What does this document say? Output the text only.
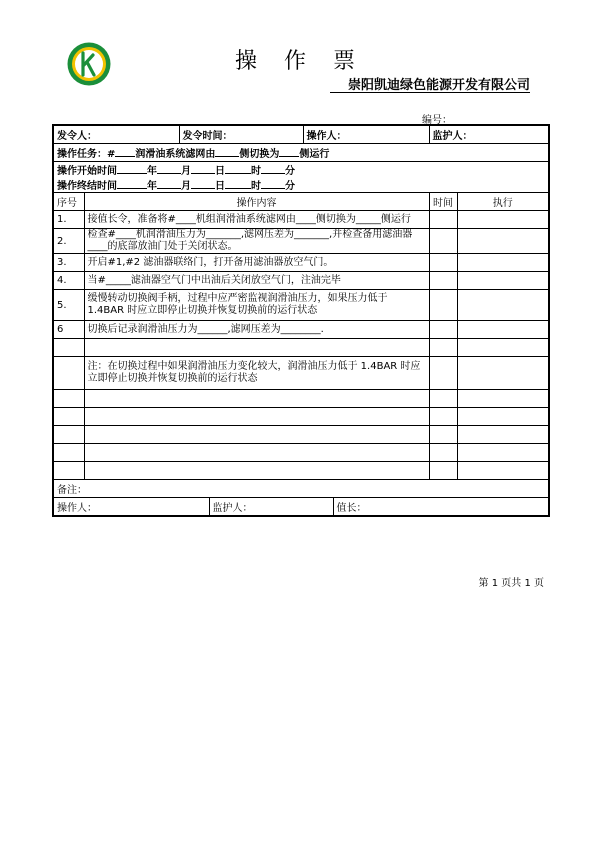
操 作 票
崇阳凯迪绿色能源开发有限公司
编号：
发令人：		发令时间：		操作人：		监护人：	
操作任务：# 润滑油系统滤网由 侧切换为 侧运行							
操作开始时间 年 月 日 时 分							
操作终结时间 年 月 日 时 分							
序号	操作内容					时间	执行
1.	接值长令，准备将#____机组润滑油系统滤网由____侧切换为_____侧运行						
2.	检查#____机润滑油压力为_______,滤网压差为_______,并检查备用滤油器____的底部放油门处于关闭状态。						
3.	开启#1,#2 滤油器联络门，打开备用滤油器放空气门。						
4.	当#_____滤油器空气门中出油后关闭放空气门，注油完毕						
5.	缓慢转动切换阀手柄，过程中应严密监视润滑油压力，如果压力低于 1.4BAR 时应立即停止切换并恢复切换前的运行状态						
6	切换后记录润滑油压力为______,滤网压差为________.						

	注：在切换过程中如果润滑油压力变化较大，润滑油压力低于 1.4BAR 时应立即停止切换并恢复切换前的运行状态						

备注：							
操作人：			监护人：		值长：		
第 1 页共 1 页
